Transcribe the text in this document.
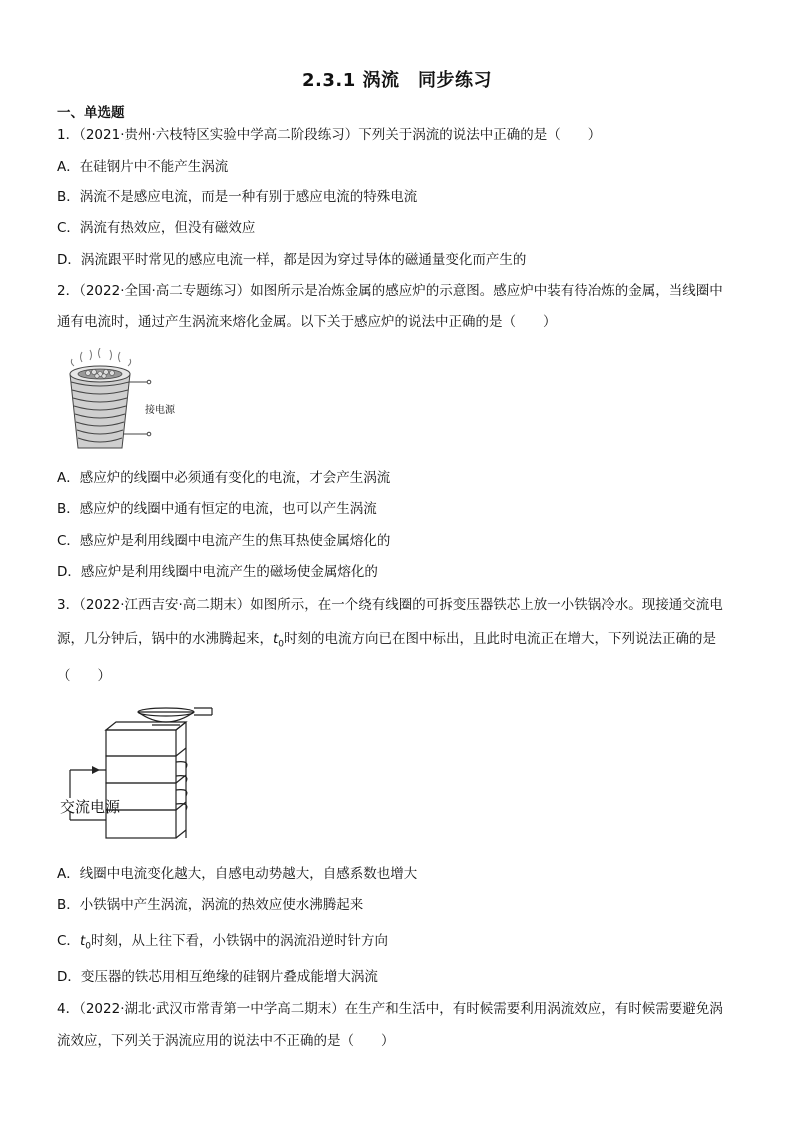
2.3.1 涡流　同步练习
一、单选题
1．（2021·贵州·六枝特区实验中学高二阶段练习）下列关于涡流的说法中正确的是（　　）
A．在硅钢片中不能产生涡流
B．涡流不是感应电流，而是一种有别于感应电流的特殊电流
C．涡流有热效应，但没有磁效应
D．涡流跟平时常见的感应电流一样，都是因为穿过导体的磁通量变化而产生的
2．（2022·全国·高二专题练习）如图所示是冶炼金属的感应炉的示意图。感应炉中装有待冶炼的金属，当线圈中
通有电流时，通过产生涡流来熔化金属。以下关于感应炉的说法中正确的是（　　）
接电源
A．感应炉的线圈中必须通有变化的电流，才会产生涡流
B．感应炉的线圈中通有恒定的电流，也可以产生涡流
C．感应炉是利用线圈中电流产生的焦耳热使金属熔化的
D．感应炉是利用线圈中电流产生的磁场使金属熔化的
3．（2022·江西吉安·高二期末）如图所示，在一个绕有线圈的可拆变压器铁芯上放一小铁锅冷水。现接通交流电
源，几分钟后，锅中的水沸腾起来，$t_0$时刻的电流方向已在图中标出，且此时电流正在增大，下列说法正确的是
（　　）
交流电源
A．线圈中电流变化越大，自感电动势越大，自感系数也增大
B．小铁锅中产生涡流，涡流的热效应使水沸腾起来
C．$t_0$时刻，从上往下看，小铁锅中的涡流沿逆时针方向
D．变压器的铁芯用相互绝缘的硅钢片叠成能增大涡流
4．（2022·湖北·武汉市常青第一中学高二期末）在生产和生活中，有时候需要利用涡流效应，有时候需要避免涡
流效应，下列关于涡流应用的说法中不正确的是（　　）
